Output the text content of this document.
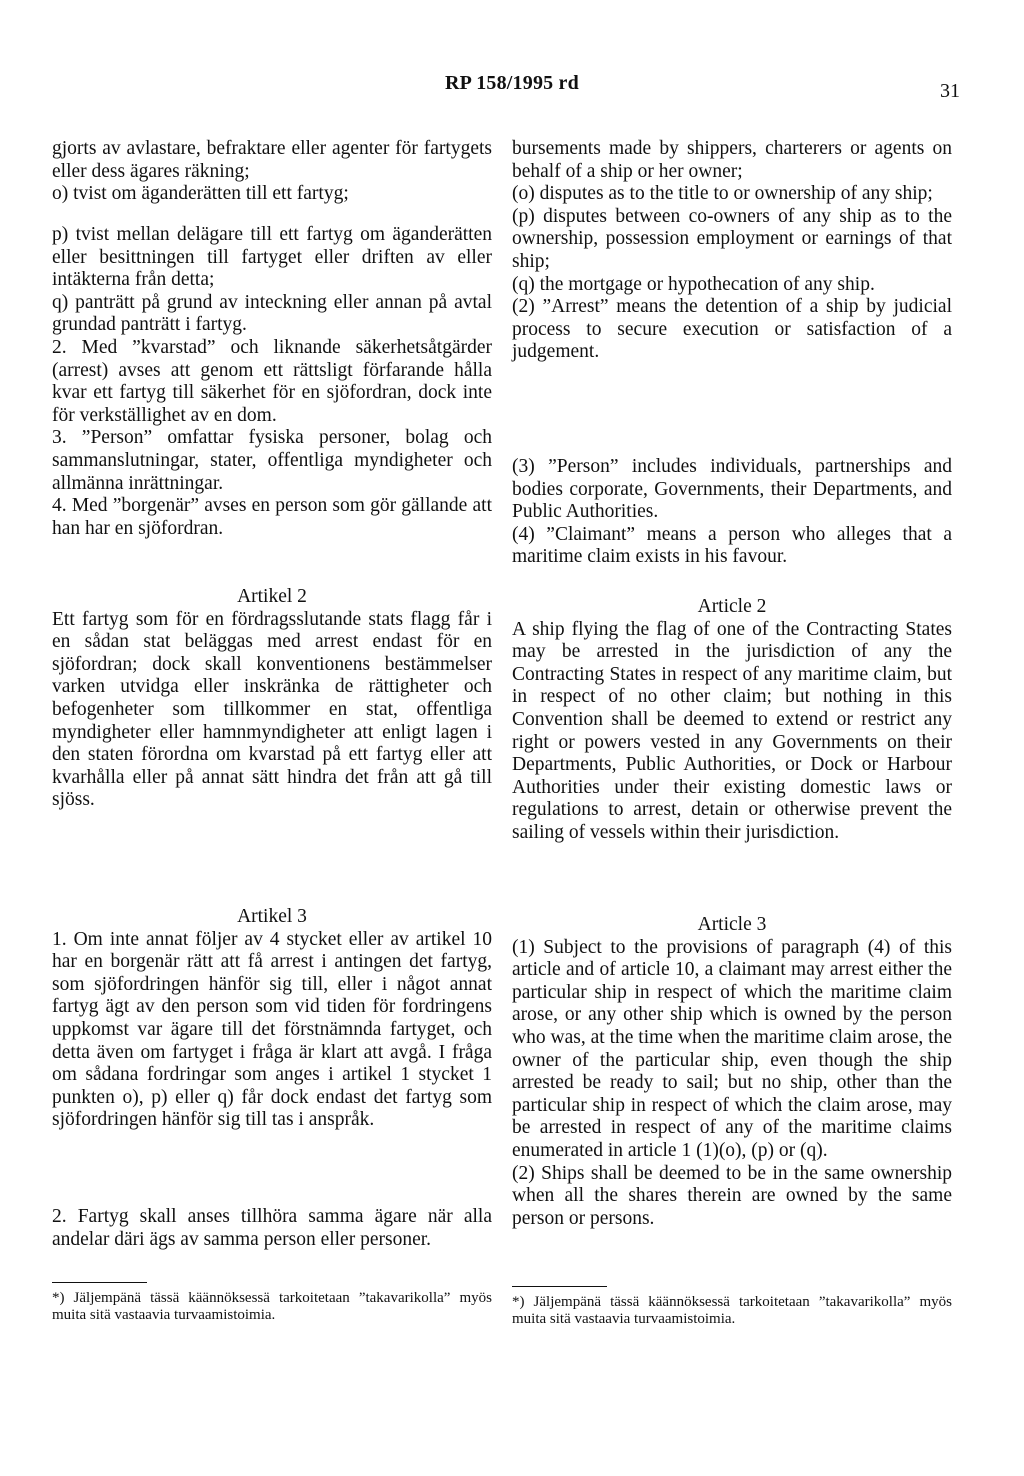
RP 158/1995 rd	31

gjorts av avlastare, befraktare eller agenter för fartygets eller dess ägares räkning;

o) tvist om äganderätten till ett fartyg;

p) tvist mellan delägare till ett fartyg om äganderätten eller besittningen till fartyget eller driften av eller intäkterna från detta;

q) panträtt på grund av inteckning eller annan på avtal grundad panträtt i fartyg.

2. Med ”kvarstad” och liknande säkerhetsåtgärder (arrest) avses att genom ett rättsligt förfarande hålla kvar ett fartyg till säkerhet för en sjöfordran, dock inte för verkställighet av en dom.

3. ”Person” omfattar fysiska personer, bolag och sammanslutningar, stater, offentliga myndigheter och allmänna inrättningar.

4. Med ”borgenär” avses en person som gör gällande att han har en sjöfordran.

Artikel 2

Ett fartyg som för en fördragsslutande stats flagg får i en sådan stat beläggas med arrest endast för en sjöfordran; dock skall konventionens bestämmelser varken utvidga eller inskränka de rättigheter och befogenheter som tillkommer en stat, offentliga myndigheter eller hamnmyndigheter att enligt lagen i den staten förordna om kvarstad på ett fartyg eller att kvarhålla eller på annat sätt hindra det från att gå till sjöss.

Artikel 3

1. Om inte annat följer av 4 stycket eller av artikel 10 har en borgenär rätt att få arrest i antingen det fartyg, som sjöfordringen hänför sig till, eller i något annat fartyg ägt av den person som vid tiden för fordringens uppkomst var ägare till det förstnämnda fartyget, och detta även om fartyget i fråga är klart att avgå. I fråga om sådana fordringar som anges i artikel 1 stycket 1 punkten o), p) eller q) får dock endast det fartyg som sjöfordringen hänför sig till tas i anspråk.

2. Fartyg skall anses tillhöra samma ägare när alla andelar däri ägs av samma person eller personer.

*) Jäljempänä tässä käännöksessä tarkoitetaan ”takavarikolla” myös muita sitä vastaavia turvaamistoimia.

bursements made by shippers, charterers or agents on behalf of a ship or her owner;

(o) disputes as to the title to or ownership of any ship;

(p) disputes between co-owners of any ship as to the ownership, possession employment or earnings of that ship;

(q) the mortgage or hypothecation of any ship.

(2) ”Arrest” means the detention of a ship by judicial process to secure execution or satisfaction of a judgement.

(3) ”Person” includes individuals, partnerships and bodies corporate, Governments, their Departments, and Public Authorities.

(4) ”Claimant” means a person who alleges that a maritime claim exists in his favour.

Article 2

A ship flying the flag of one of the Contracting States may be arrested in the jurisdiction of any the Contracting States in respect of any maritime claim, but in respect of no other claim; but nothing in this Convention shall be deemed to extend or restrict any right or powers vested in any Governments on their Departments, Public Authorities, or Dock or Harbour Authorities under their existing domestic laws or regulations to arrest, detain or otherwise prevent the sailing of vessels within their jurisdiction.

Article 3

(1) Subject to the provisions of paragraph (4) of this article and of article 10, a claimant may arrest either the particular ship in respect of which the maritime claim arose, or any other ship which is owned by the person who was, at the time when the maritime claim arose, the owner of the particular ship, even though the ship arrested be ready to sail; but no ship, other than the particular ship in respect of which the claim arose, may be arrested in respect of any of the maritime claims enumerated in article 1 (1)(o), (p) or (q).

(2) Ships shall be deemed to be in the same ownership when all the shares therein are owned by the same person or persons.

*) Jäljempänä tässä käännöksessä tarkoitetaan ”takavarikolla” myös muita sitä vastaavia turvaamistoimia.
